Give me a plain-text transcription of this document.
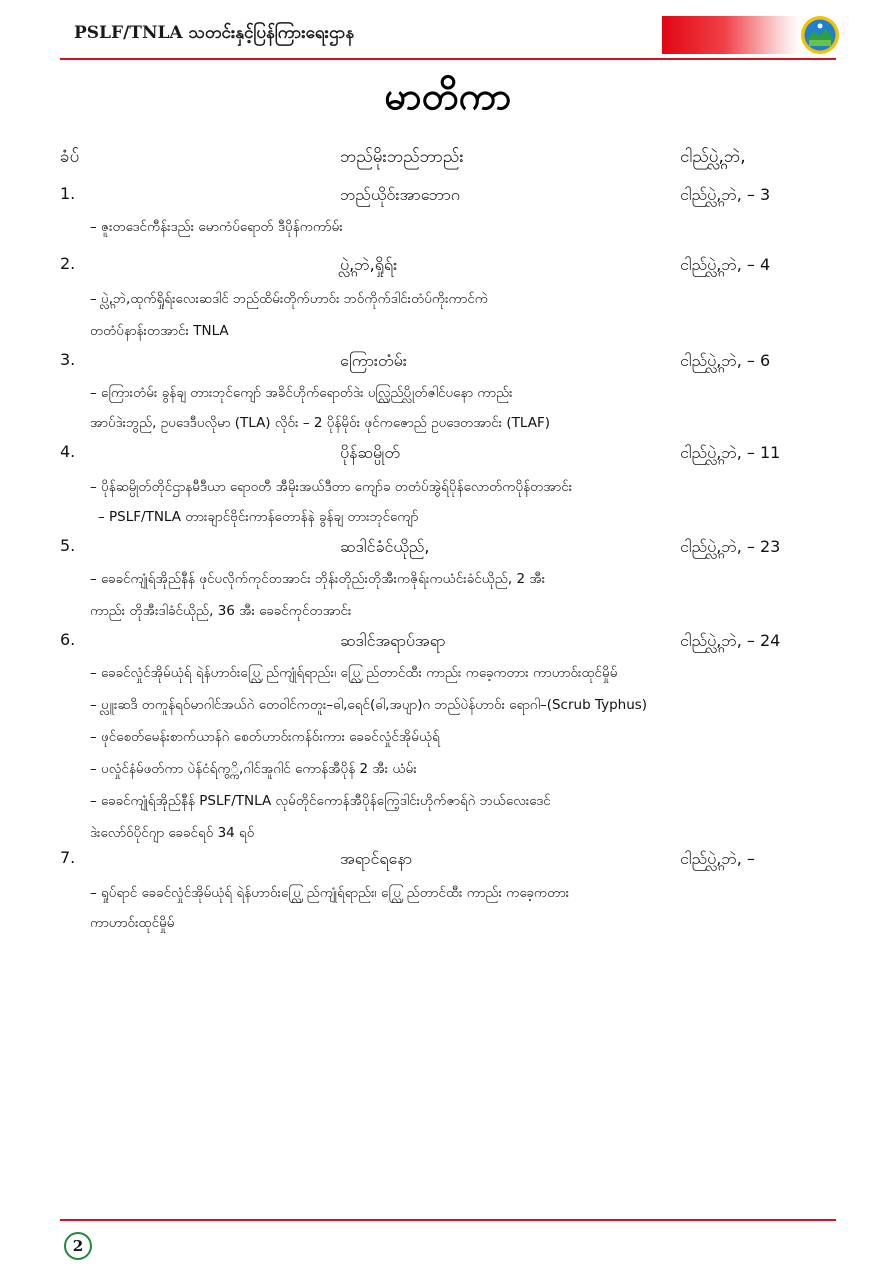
PSLF/TNLA သတင်းနှင့်ပြန်ကြားရေးဌာန
မာတိကာ
ခံပ်	ဘည်မိုးဘည်ဘာည်း	ငါည်ပ္လ္ဂဲ,ဘဲ,
1.	ဘည်ယိုဝ်းအာဘောဂ	ငါည်ပ္လ္ဂဲ,ဘဲ, – 3
– ဇူးတဒေင်ကီန်းဒည်း မောကံပ်ရောတ် ဒီပိုန်ကကာ်မ်း
2.	ပ္လ္ဂဲ,ဘဲ,ရှိုရ်း	ငါည်ပ္လ္ဂဲ,ဘဲ, – 4
– ပ္လ္ဂဲ,ဘဲ,ထုက်ရှိုရ်းလေးဆဒါင် ဘည်ထိမ်းတိုက်ဟာဝ်း ဘဝ်ကိုက်ဒါင်းတံပ်ကိုးကာင်ကဲ
တတံပ်နာန်းတအာင်း TNLA
3.	ကြေားတံမ်း	ငါည်ပ္လ္ဂဲ,ဘဲ, – 6
– ကြေားတံမ်း ခွန်ချ တားဘုင်ကျော် အခိင်ဟိုက်ရောတ်ဒဲး ပလ္လြည်ပ္လိုတ်ဇါင်ပနော ကာည်း
အာပ်ဒဲးဘွည်, ဥပဒေဒီပလိုမာ (TLA) လိုဝ်း – 2 ပိုန်မိုဝ်း ဖုင်ကဇောည် ဥပဒေတအာင်း (TLAF)
4.	ပိုန်ဆမ္ပိုတ်	ငါည်ပ္လ္ဂဲ,ဘဲ, – 11
– ပိုန်ဆမ္ပိုတ်တိုင်ဌာနမီဒီယာ ရောဝတီ အီမိုးအယ်ဒီတာ ကျော်ခ တတံပ်အွဲရ်ပိုန်လောတ်ကပိုန်တအာင်း
– PSLF/TNLA တားချာင်ဗိုင်းကာန်တောန်နဲ ခွန်ချ တားဘုင်ကျော်
5.	ဆဒါင်ခံင်ယိုည်,	ငါည်ပ္လ္ဂဲ,ဘဲ, – 23
– ခေခင်ကျုံရ်အိုည်နီန် ဖုင်ပလိုက်ကုင်တအာင်း ဘိုန်းတိုည်းတိုအီးကဇိုရ်းကယံင်းခံင်ယိုည်, 2 အီး
ကာည်း တိုအီးဒါခံင်ယိုည်, 36 အီး ခေခင်ကုင်တအာင်း
6.	ဆဒါင်အရာပ်အရာ	ငါည်ပ္လ္ဂဲ,ဘဲ, – 24
– ခေခင်လှုံင်အိုမ်ယုံရ် ရဲန်ဟာဝ်းပ္လြေည်ကျုံရ်ရာည်း၊ ပ္လြေည်တာင်ထီး ကာည်း ကခေ့ကတား ကာဟာဝ်းထုင်မှိုမ်
– ပ္လူးဆဒိ တကူန်ရဝ်မာဂါင်အယ်ဂဲ တေ၀ါင်ကတူး–ဓါ,ရေင်(ဓါ,အပျာ)ဂ ဘည်ပဲန်ဟာဝ်း ရောဂါ–(Scrub Typhus)
– ဖုင်စေတ်မေန်းစာက်ယာန်ဂဲ စေတ်ဟာဝ်းကန်ဝ်းကား ခေခင်လှုံင်အိုမ်ယုံရ်
– ပလှုံင်နံမ်ဖတ်ကာ ပဲန်ငံရ်ကွ္ကိ,ဂါင်အူဂါင် ကောန်အီပိုန် 2 အီး ယံမ်း
– ခေခင်ကျုံရ်အိုည်နီန် PSLF/TNLA လုမ်တိုင်ကောန်အီပိုန်ကြေ့ဒါင်းဟိုက်ဇာရ်ဂဲ ဘယ်လေးဒေင်
ဒဲးလော်ဝ်ပိုင်ဂျာ ခေခင်ရဝ် 34 ရဝ်
7.	အရာင်ရနော	ငါည်ပ္လ္ဂဲ,ဘဲ, –
– ရှုပ်ရာင် ခေခင်လှုံင်အိုမ်ယုံရ် ရဲန်ဟာဝ်းပ္လြေည်ကျုံရ်ရာည်း၊ ပ္လြေည်တာင်ထီး ကာည်း ကခေ့ကတား
ကာဟာဝ်းထုင်မှိုမ်
2
